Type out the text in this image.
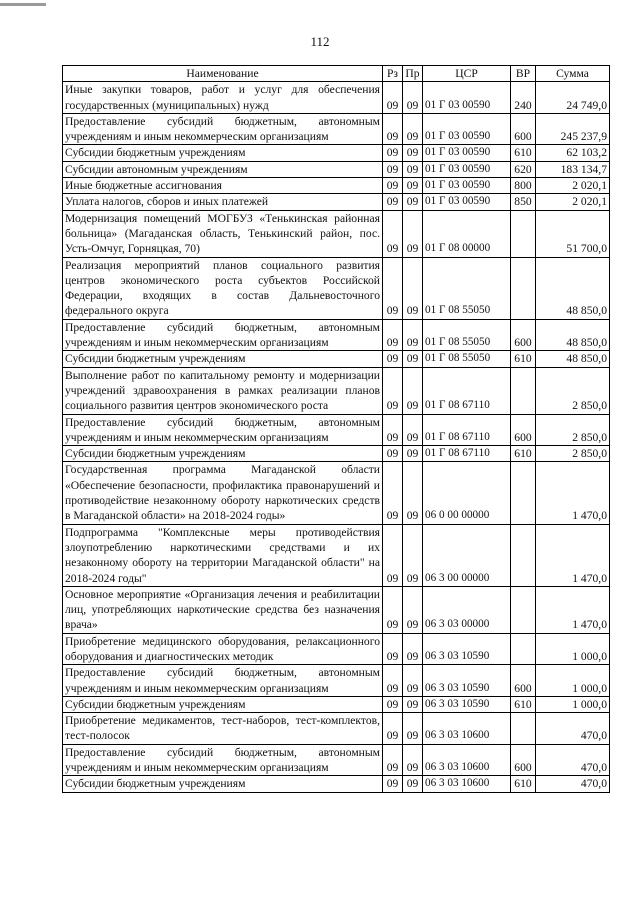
112
Наименование	Рз	Пр	ЦСР	ВР	Сумма
Иные закупки товаров, работ и услуг для обеспечения государственных (муниципальных) нужд	09	09	01 Г 03 00590	240	24 749,0
Предоставление субсидий бюджетным, автономным учреждениям и иным некоммерческим организациям	09	09	01 Г 03 00590	600	245 237,9
Субсидии бюджетным учреждениям	09	09	01 Г 03 00590	610	62 103,2
Субсидии автономным учреждениям	09	09	01 Г 03 00590	620	183 134,7
Иные бюджетные ассигнования	09	09	01 Г 03 00590	800	2 020,1
Уплата налогов, сборов и иных платежей	09	09	01 Г 03 00590	850	2 020,1
Модернизация помещений МОГБУЗ «Тенькинская районная больница» (Магаданская область, Тенькинский район, пос. Усть-Омчуг, Горняцкая, 70)	09	09	01 Г 08 00000		51 700,0
Реализация мероприятий планов социального развития центров экономического роста субъектов Российской Федерации, входящих в состав Дальневосточного федерального округа	09	09	01 Г 08 55050		48 850,0
Предоставление субсидий бюджетным, автономным учреждениям и иным некоммерческим организациям	09	09	01 Г 08 55050	600	48 850,0
Субсидии бюджетным учреждениям	09	09	01 Г 08 55050	610	48 850,0
Выполнение работ по капитальному ремонту и модернизации учреждений здравоохранения в рамках реализации планов социального развития центров экономического роста	09	09	01 Г 08 67110		2 850,0
Предоставление субсидий бюджетным, автономным учреждениям и иным некоммерческим организациям	09	09	01 Г 08 67110	600	2 850,0
Субсидии бюджетным учреждениям	09	09	01 Г 08 67110	610	2 850,0
Государственная программа Магаданской области «Обеспечение безопасности, профилактика правонарушений и противодействие незаконному обороту наркотических средств в Магаданской области» на 2018-2024 годы»	09	09	06 0 00 00000		1 470,0
Подпрограмма "Комплексные меры противодействия злоупотреблению наркотическими средствами и их незаконному обороту на территории Магаданской области" на 2018-2024 годы"	09	09	06 3 00 00000		1 470,0
Основное мероприятие «Организация лечения и реабилитации лиц, употребляющих наркотические средства без назначения врача»	09	09	06 3 03 00000		1 470,0
Приобретение медицинского оборудования, релаксационного оборудования и диагностических методик	09	09	06 3 03 10590		1 000,0
Предоставление субсидий бюджетным, автономным учреждениям и иным некоммерческим организациям	09	09	06 3 03 10590	600	1 000,0
Субсидии бюджетным учреждениям	09	09	06 3 03 10590	610	1 000,0
Приобретение медикаментов, тест-наборов, тест-комплектов, тест-полосок	09	09	06 3 03 10600		470,0
Предоставление субсидий бюджетным, автономным учреждениям и иным некоммерческим организациям	09	09	06 3 03 10600	600	470,0
Субсидии бюджетным учреждениям	09	09	06 3 03 10600	610	470,0
